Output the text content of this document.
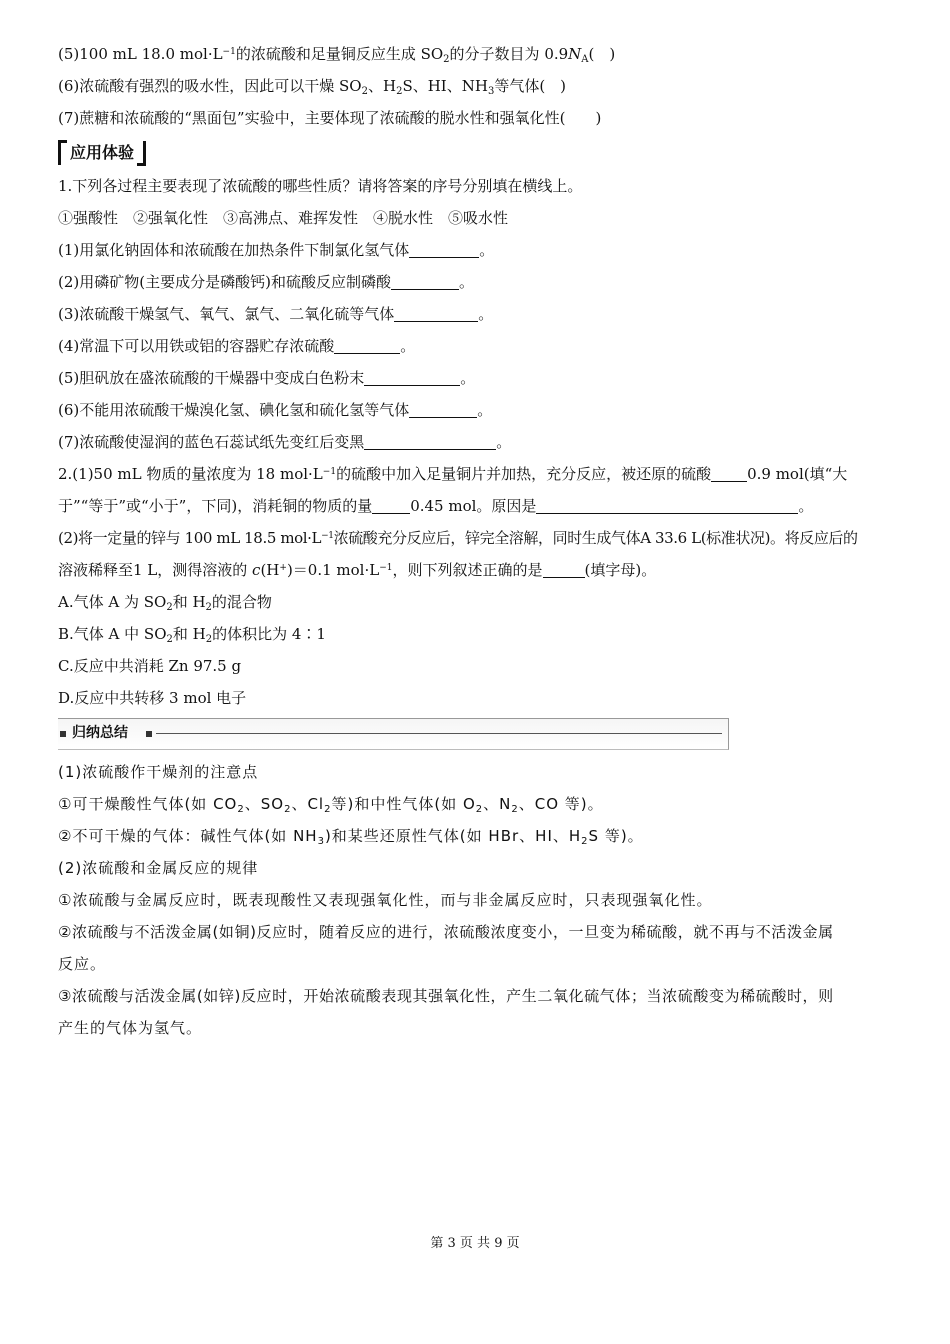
(5)100 mL 18.0 $mol\cdot L^{-1}$的浓硫酸和足量铜反应生成 $SO_2$的分子数目为 $0.9N_A$(　)
(6)浓硫酸有强烈的吸水性，因此可以干燥 $SO_2$、$H_2S$、HI、$NH_3$等气体(　)
(7)蔗糖和浓硫酸的“黑面包”实验中，主要体现了浓硫酸的脱水性和强氧化性(　　)
应用体验
1.下列各过程主要表现了浓硫酸的哪些性质？请将答案的序号分别填在横线上。
①强酸性　②强氧化性　③高沸点、难挥发性　④脱水性　⑤吸水性
(1)用氯化钠固体和浓硫酸在加热条件下制氯化氢气体	。
(2)用磷矿物(主要成分是磷酸钙)和硫酸反应制磷酸	。
(3)浓硫酸干燥氢气、氧气、氯气、二氧化硫等气体	。
(4)常温下可以用铁或铝的容器贮存浓硫酸	。
(5)胆矾放在盛浓硫酸的干燥器中变成白色粉末	。
(6)不能用浓硫酸干燥溴化氢、碘化氢和硫化氢等气体	。
(7)浓硫酸使湿润的蓝色石蕊试纸先变红后变黑	。
2.(1)50 mL 物质的量浓度为 18 $mol\cdot L^{-1}$的硫酸中加入足量铜片并加热，充分反应，被还原的硫酸 0.9 mol(填“大
于”“等于”或“小于”，下同)，消耗铜的物质的量	0.45 mol。原因是	。
(2)将一定量的锌与 100 mL 18.5 $mol\cdot L^{-1}$浓硫酸充分反应后，锌完全溶解，同时生成气体A 33.6 L(标准状况)。将反应后的
溶液稀释至1 L，测得溶液的 c(H+)＝0.1 $mol\cdot L^{-1}$，则下列叙述正确的是	(填字母)。
A.气体 A 为 $SO_2$和 $H_2$的混合物
B.气体 A 中 $SO_2$和 $H_2$的体积比为 4∶1
C.反应中共消耗 Zn 97.5 g
D.反应中共转移 3 mol 电子
归纳总结
(1)浓硫酸作干燥剂的注意点
①可干燥酸性气体(如 $CO_2$、$SO_2$、$Cl_2$等)和中性气体(如 $O_2$、$N_2$、CO 等)。
②不可干燥的气体：碱性气体(如 $NH_3$)和某些还原性气体(如 HBr、HI、$H_2S$ 等)。
(2)浓硫酸和金属反应的规律
①浓硫酸与金属反应时，既表现酸性又表现强氧化性，而与非金属反应时，只表现强氧化性。
②浓硫酸与不活泼金属(如铜)反应时，随着反应的进行，浓硫酸浓度变小，一旦变为稀硫酸，就不再与不活泼金属
反应。
③浓硫酸与活泼金属(如锌)反应时，开始浓硫酸表现其强氧化性，产生二氧化硫气体；当浓硫酸变为稀硫酸时，则
产生的气体为氢气。
第 3 页 共 9 页
